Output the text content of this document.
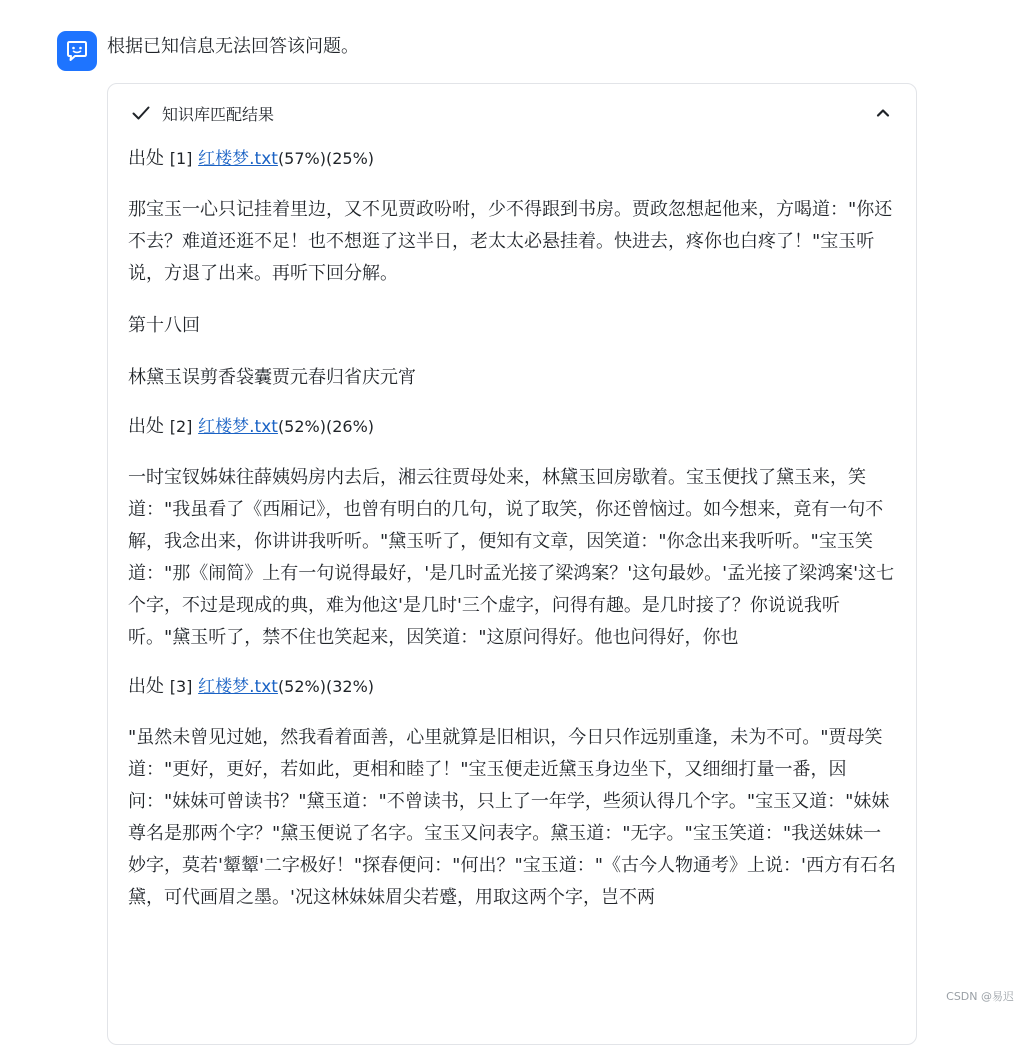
根据已知信息无法回答该问题。
知识库匹配结果
出处 [1] 红楼梦.txt(57%)(25%)

那宝玉一心只记挂着里边，又不见贾政吩咐，少不得跟到书房。贾政忽想起他来，方喝道："你还不去？难道还逛不足！也不想逛了这半日，老太太必悬挂着。快进去，疼你也白疼了！"宝玉听说，方退了出来。再听下回分解。

第十八回

林黛玉误剪香袋囊贾元春归省庆元宵

出处 [2] 红楼梦.txt(52%)(26%)

一时宝钗姊妹往薛姨妈房内去后，湘云往贾母处来，林黛玉回房歇着。宝玉便找了黛玉来，笑道："我虽看了《西厢记》，也曾有明白的几句，说了取笑，你还曾恼过。如今想来，竟有一句不解，我念出来，你讲讲我听听。"黛玉听了，便知有文章，因笑道："你念出来我听听。"宝玉笑道："那《闹简》上有一句说得最好，'是几时孟光接了梁鸿案？'这句最妙。'孟光接了梁鸿案'这七个字，不过是现成的典，难为他这'是几时'三个虚字，问得有趣。是几时接了？你说说我听听。"黛玉听了，禁不住也笑起来，因笑道："这原问得好。他也问得好，你也

出处 [3] 红楼梦.txt(52%)(32%)

"虽然未曾见过她，然我看着面善，心里就算是旧相识，今日只作远别重逢，未为不可。"贾母笑道："更好，更好，若如此，更相和睦了！"宝玉便走近黛玉身边坐下，又细细打量一番，因问："妹妹可曾读书？"黛玉道："不曾读书，只上了一年学，些须认得几个字。"宝玉又道："妹妹尊名是那两个字？"黛玉便说了名字。宝玉又问表字。黛玉道："无字。"宝玉笑道："我送妹妹一妙字，莫若'颦颦'二字极好！"探春便问："何出？"宝玉道："《古今人物通考》上说：'西方有石名黛，可代画眉之墨。'况这林妹妹眉尖若蹙，用取这两个字，岂不两

CSDN @易迟
